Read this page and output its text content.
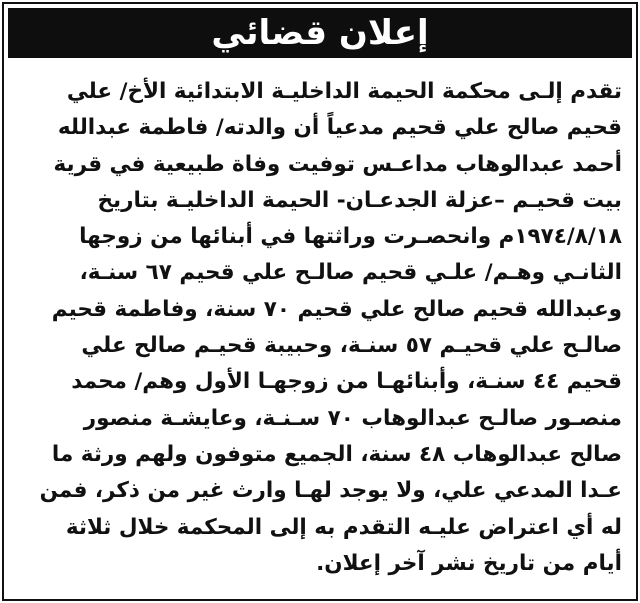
إعلان قضائي
تقدم إلـى محكمة الحيمة الداخليـة الابتدائية الأخ/ علي
قحيم صالح علي قحيم مدعياً أن والدته/ فاطمة عبدالله
أحمد عبدالوهاب مداعـس توفيت وفاة طبيعية في قرية
بيت قحيـم –عزلة الجدعـان- الحيمة الداخليـة بتاريخ
١٩٧٤/٨/١٨م وانحصـرت وراثتها في أبنائها من زوجها
الثانـي وهـم/ علـي قحيم صالـح علي قحيم ٦٧ سنـة،
وعبدالله قحيم صالح علي قحيم ٧٠ سنة، وفاطمة قحيم
صالـح علي قحيـم ٥٧ سنـة، وحبيبة قحيـم صالح علي
قحيم ٤٤ سنـة، وأبنائهـا من زوجهـا الأول وهم/ محمد
منصـور صالـح عبدالوهاب ٧٠ سـنـة، وعايشـة منصور
صالح عبدالوهاب ٤٨ سنة، الجميع متوفون ولهم ورثة ما
عـدا المدعي علي، ولا يوجد لهـا وارث غير من ذكر، فمن
له أي اعتراض عليـه التقدم به إلى المحكمة خلال ثلاثة
أيام من تاريخ نشر آخر إعلان.
